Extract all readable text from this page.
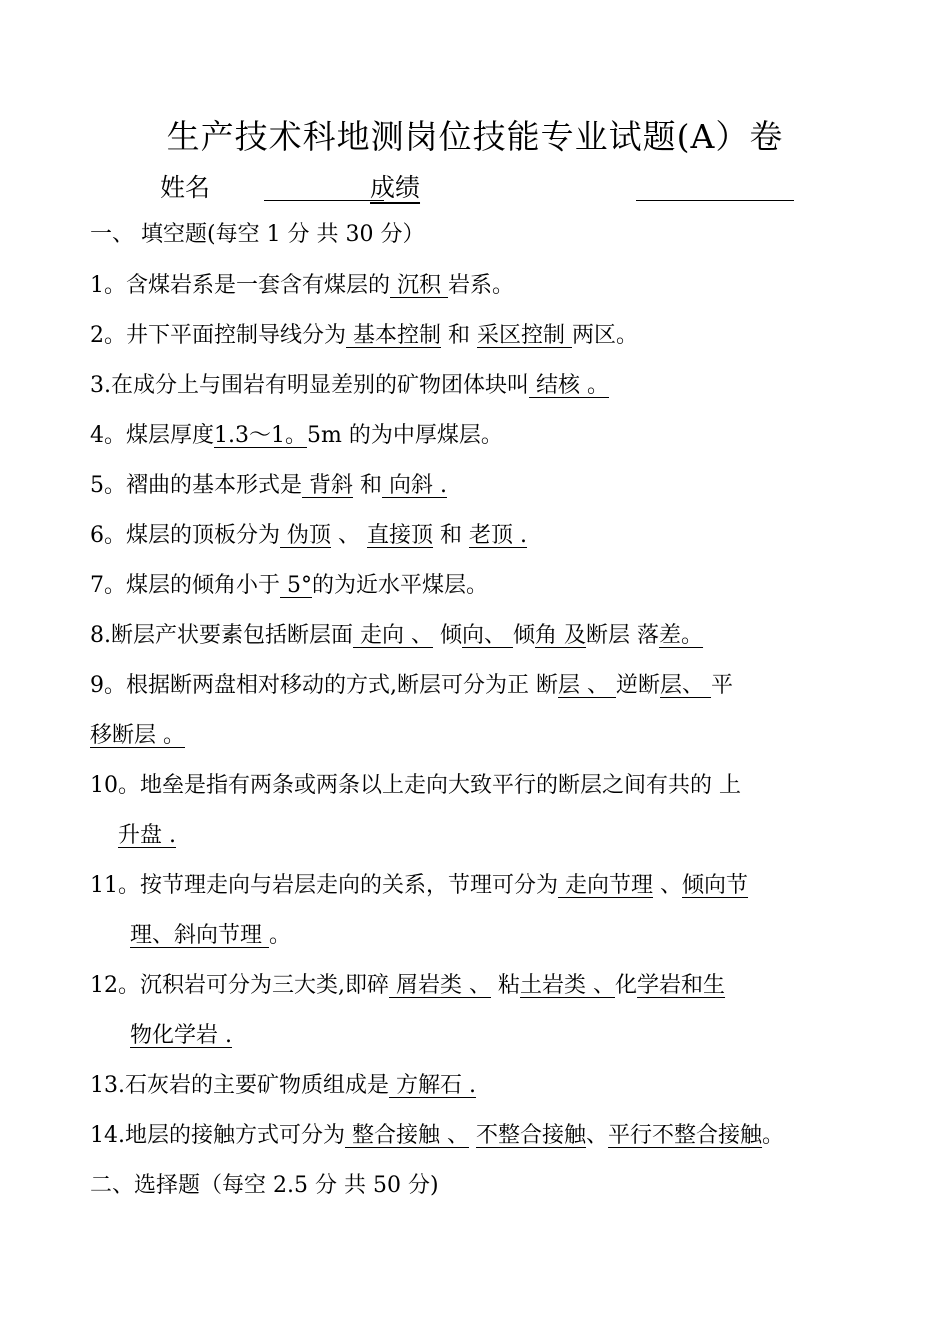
生产技术科地测岗位技能专业试题(A）卷
姓名	成绩
一、 填空题(每空 1 分 共 30 分）
1。含煤岩系是一套含有煤层的 沉积 岩系。
2。井下平面控制导线分为 基本控制 和 采区控制 两区。
3.在成分上与围岩有明显差别的矿物团体块叫 结核 。
4。煤层厚度1.3～1。5m 的为中厚煤层。
5。褶曲的基本形式是 背斜 和 向斜 .
6。煤层的顶板分为 伪顶 、 直接顶 和 老顶 .
7。煤层的倾角小于 5°的为近水平煤层。
8.断层产状要素包括断层面 走向 、 倾向、 倾角 及断层 落差。
9。根据断两盘相对移动的方式,断层可分为正 断层 、 逆断层、 平
移断层 。
10。地垒是指有两条或两条以上走向大致平行的断层之间有共的 上
升盘 .
11。按节理走向与岩层走向的关系，节理可分为 走向节理 、倾向节
理、斜向节理 。
12。沉积岩可分为三大类,即碎 屑岩类 、 粘土岩类 、化学岩和生
物化学岩 .
13.石灰岩的主要矿物质组成是 方解石 .
14.地层的接触方式可分为 整合接触 、 不整合接触、平行不整合接触。
二、选择题（每空 2.5 分 共 50 分)
